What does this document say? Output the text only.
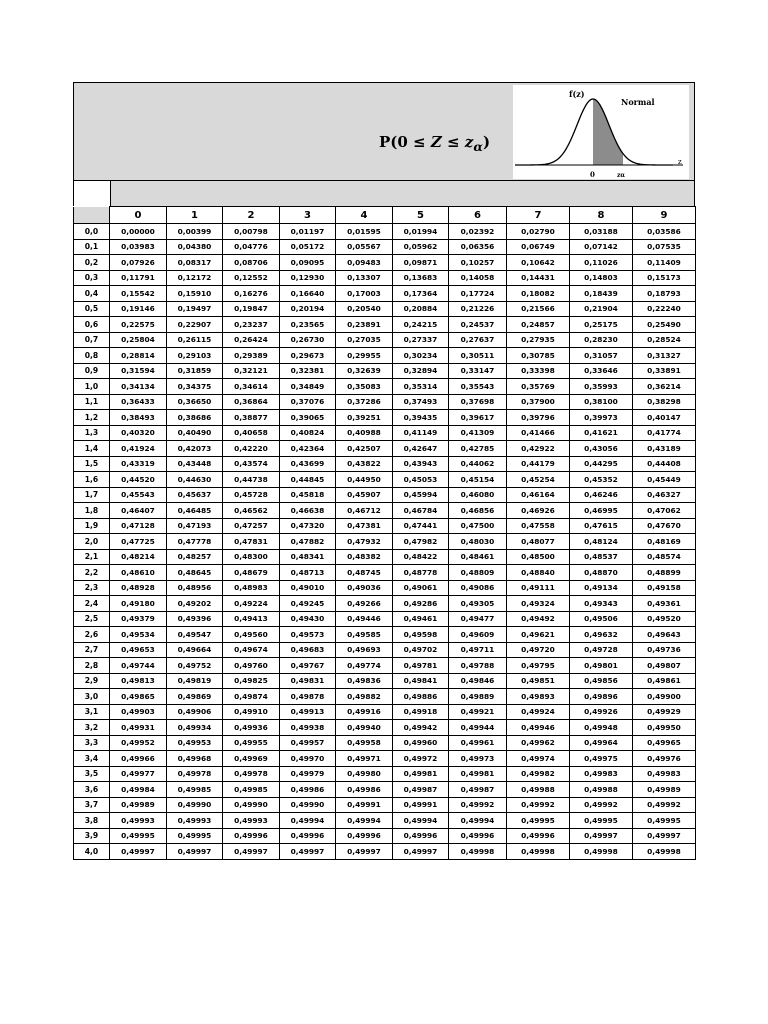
$P(0 \le Z \le z_\alpha)$
f(z)
Normal
z
0	zα
	0	1	2	3	4	5	6	7	8	9
0,0	0,00000	0,00399	0,00798	0,01197	0,01595	0,01994	0,02392	0,02790	0,03188	0,03586
0,1	0,03983	0,04380	0,04776	0,05172	0,05567	0,05962	0,06356	0,06749	0,07142	0,07535
0,2	0,07926	0,08317	0,08706	0,09095	0,09483	0,09871	0,10257	0,10642	0,11026	0,11409
0,3	0,11791	0,12172	0,12552	0,12930	0,13307	0,13683	0,14058	0,14431	0,14803	0,15173
0,4	0,15542	0,15910	0,16276	0,16640	0,17003	0,17364	0,17724	0,18082	0,18439	0,18793
0,5	0,19146	0,19497	0,19847	0,20194	0,20540	0,20884	0,21226	0,21566	0,21904	0,22240
0,6	0,22575	0,22907	0,23237	0,23565	0,23891	0,24215	0,24537	0,24857	0,25175	0,25490
0,7	0,25804	0,26115	0,26424	0,26730	0,27035	0,27337	0,27637	0,27935	0,28230	0,28524
0,8	0,28814	0,29103	0,29389	0,29673	0,29955	0,30234	0,30511	0,30785	0,31057	0,31327
0,9	0,31594	0,31859	0,32121	0,32381	0,32639	0,32894	0,33147	0,33398	0,33646	0,33891
1,0	0,34134	0,34375	0,34614	0,34849	0,35083	0,35314	0,35543	0,35769	0,35993	0,36214
1,1	0,36433	0,36650	0,36864	0,37076	0,37286	0,37493	0,37698	0,37900	0,38100	0,38298
1,2	0,38493	0,38686	0,38877	0,39065	0,39251	0,39435	0,39617	0,39796	0,39973	0,40147
1,3	0,40320	0,40490	0,40658	0,40824	0,40988	0,41149	0,41309	0,41466	0,41621	0,41774
1,4	0,41924	0,42073	0,42220	0,42364	0,42507	0,42647	0,42785	0,42922	0,43056	0,43189
1,5	0,43319	0,43448	0,43574	0,43699	0,43822	0,43943	0,44062	0,44179	0,44295	0,44408
1,6	0,44520	0,44630	0,44738	0,44845	0,44950	0,45053	0,45154	0,45254	0,45352	0,45449
1,7	0,45543	0,45637	0,45728	0,45818	0,45907	0,45994	0,46080	0,46164	0,46246	0,46327
1,8	0,46407	0,46485	0,46562	0,46638	0,46712	0,46784	0,46856	0,46926	0,46995	0,47062
1,9	0,47128	0,47193	0,47257	0,47320	0,47381	0,47441	0,47500	0,47558	0,47615	0,47670
2,0	0,47725	0,47778	0,47831	0,47882	0,47932	0,47982	0,48030	0,48077	0,48124	0,48169
2,1	0,48214	0,48257	0,48300	0,48341	0,48382	0,48422	0,48461	0,48500	0,48537	0,48574
2,2	0,48610	0,48645	0,48679	0,48713	0,48745	0,48778	0,48809	0,48840	0,48870	0,48899
2,3	0,48928	0,48956	0,48983	0,49010	0,49036	0,49061	0,49086	0,49111	0,49134	0,49158
2,4	0,49180	0,49202	0,49224	0,49245	0,49266	0,49286	0,49305	0,49324	0,49343	0,49361
2,5	0,49379	0,49396	0,49413	0,49430	0,49446	0,49461	0,49477	0,49492	0,49506	0,49520
2,6	0,49534	0,49547	0,49560	0,49573	0,49585	0,49598	0,49609	0,49621	0,49632	0,49643
2,7	0,49653	0,49664	0,49674	0,49683	0,49693	0,49702	0,49711	0,49720	0,49728	0,49736
2,8	0,49744	0,49752	0,49760	0,49767	0,49774	0,49781	0,49788	0,49795	0,49801	0,49807
2,9	0,49813	0,49819	0,49825	0,49831	0,49836	0,49841	0,49846	0,49851	0,49856	0,49861
3,0	0,49865	0,49869	0,49874	0,49878	0,49882	0,49886	0,49889	0,49893	0,49896	0,49900
3,1	0,49903	0,49906	0,49910	0,49913	0,49916	0,49918	0,49921	0,49924	0,49926	0,49929
3,2	0,49931	0,49934	0,49936	0,49938	0,49940	0,49942	0,49944	0,49946	0,49948	0,49950
3,3	0,49952	0,49953	0,49955	0,49957	0,49958	0,49960	0,49961	0,49962	0,49964	0,49965
3,4	0,49966	0,49968	0,49969	0,49970	0,49971	0,49972	0,49973	0,49974	0,49975	0,49976
3,5	0,49977	0,49978	0,49978	0,49979	0,49980	0,49981	0,49981	0,49982	0,49983	0,49983
3,6	0,49984	0,49985	0,49985	0,49986	0,49986	0,49987	0,49987	0,49988	0,49988	0,49989
3,7	0,49989	0,49990	0,49990	0,49990	0,49991	0,49991	0,49992	0,49992	0,49992	0,49992
3,8	0,49993	0,49993	0,49993	0,49994	0,49994	0,49994	0,49994	0,49995	0,49995	0,49995
3,9	0,49995	0,49995	0,49996	0,49996	0,49996	0,49996	0,49996	0,49996	0,49997	0,49997
4,0	0,49997	0,49997	0,49997	0,49997	0,49997	0,49997	0,49998	0,49998	0,49998	0,49998
